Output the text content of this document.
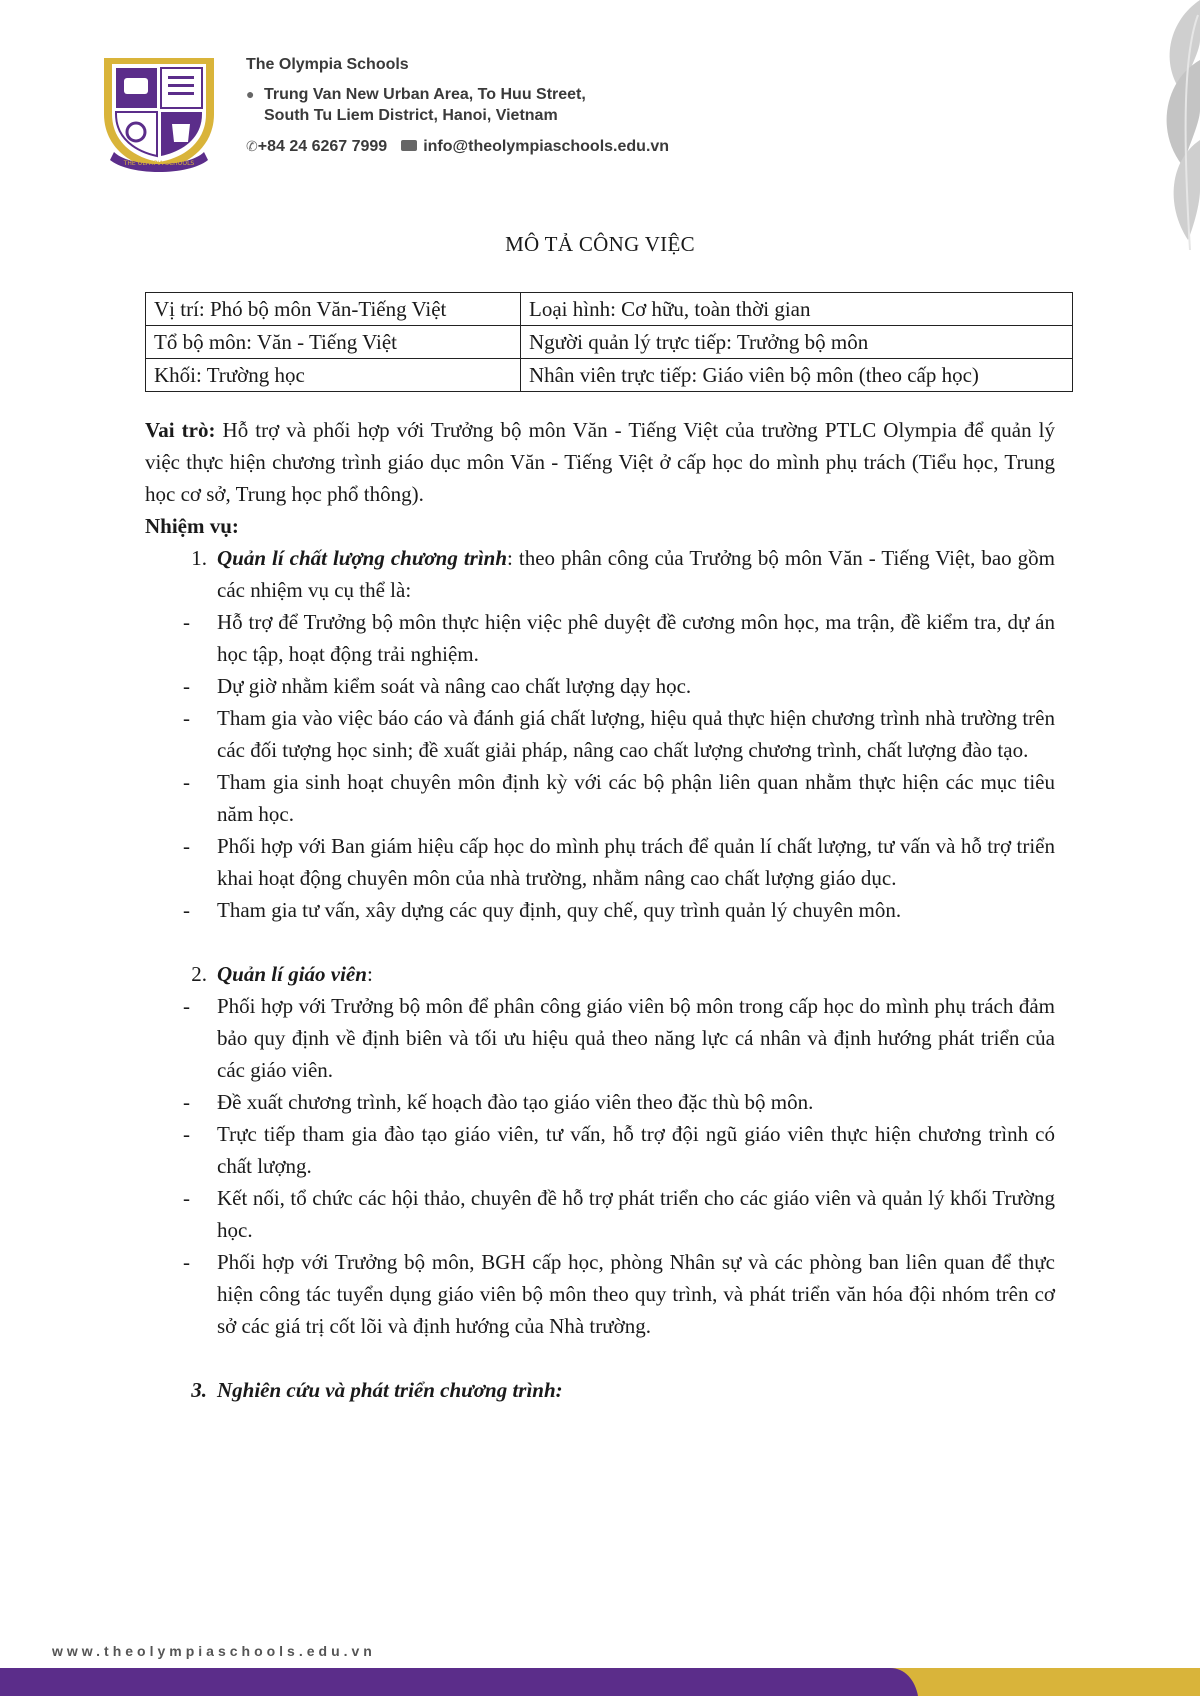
THE OLYMPIA SCHOOLS
The Olympia Schools
● Trung Van New Urban Area, To Huu Street,
South Tu Liem District, Hanoi, Vietnam
✆+84 24 6267 7999	info@theolympiaschools.edu.vn
MÔ TẢ CÔNG VIỆC
Vị trí: Phó bộ môn Văn-Tiếng Việt	Loại hình: Cơ hữu, toàn thời gian
Tổ bộ môn: Văn - Tiếng Việt	Người quản lý trực tiếp: Trưởng bộ môn
Khối: Trường học	Nhân viên trực tiếp: Giáo viên bộ môn (theo cấp học)

Vai trò: Hỗ trợ và phối hợp với Trưởng bộ môn Văn - Tiếng Việt của trường PTLC Olympia để quản lý việc thực hiện chương trình giáo dục môn Văn - Tiếng Việt ở cấp học do mình phụ trách (Tiểu học, Trung học cơ sở, Trung học phổ thông).

Nhiệm vụ:

1. Quản lí chất lượng chương trình: theo phân công của Trưởng bộ môn Văn - Tiếng Việt, bao gồm các nhiệm vụ cụ thể là:
-	Hỗ trợ để Trưởng bộ môn thực hiện việc phê duyệt đề cương môn học, ma trận, đề kiểm tra, dự án học tập, hoạt động trải nghiệm.
-	Dự giờ nhằm kiểm soát và nâng cao chất lượng dạy học.
-	Tham gia vào việc báo cáo và đánh giá chất lượng, hiệu quả thực hiện chương trình nhà trường trên các đối tượng học sinh; đề xuất giải pháp, nâng cao chất lượng chương trình, chất lượng đào tạo.
-	Tham gia sinh hoạt chuyên môn định kỳ với các bộ phận liên quan nhằm thực hiện các mục tiêu năm học.
-	Phối hợp với Ban giám hiệu cấp học do mình phụ trách để quản lí chất lượng, tư vấn và hỗ trợ triển khai hoạt động chuyên môn của nhà trường, nhằm nâng cao chất lượng giáo dục.
-	Tham gia tư vấn, xây dựng các quy định, quy chế, quy trình quản lý chuyên môn.
2. Quản lí giáo viên:
-	Phối hợp với Trưởng bộ môn để phân công giáo viên bộ môn trong cấp học do mình phụ trách đảm bảo quy định về định biên và tối ưu hiệu quả theo năng lực cá nhân và định hướng phát triển của các giáo viên.
-	Đề xuất chương trình, kế hoạch đào tạo giáo viên theo đặc thù bộ môn.
-	Trực tiếp tham gia đào tạo giáo viên, tư vấn, hỗ trợ đội ngũ giáo viên thực hiện chương trình có chất lượng.
-	Kết nối, tổ chức các hội thảo, chuyên đề hỗ trợ phát triển cho các giáo viên và quản lý khối Trường học.
-	Phối hợp với Trưởng bộ môn, BGH cấp học, phòng Nhân sự và các phòng ban liên quan để thực hiện công tác tuyển dụng giáo viên bộ môn theo quy trình, và phát triển văn hóa đội nhóm trên cơ sở các giá trị cốt lõi và định hướng của Nhà trường.
3. Nghiên cứu và phát triển chương trình:
www.theolympiaschools.edu.vn
